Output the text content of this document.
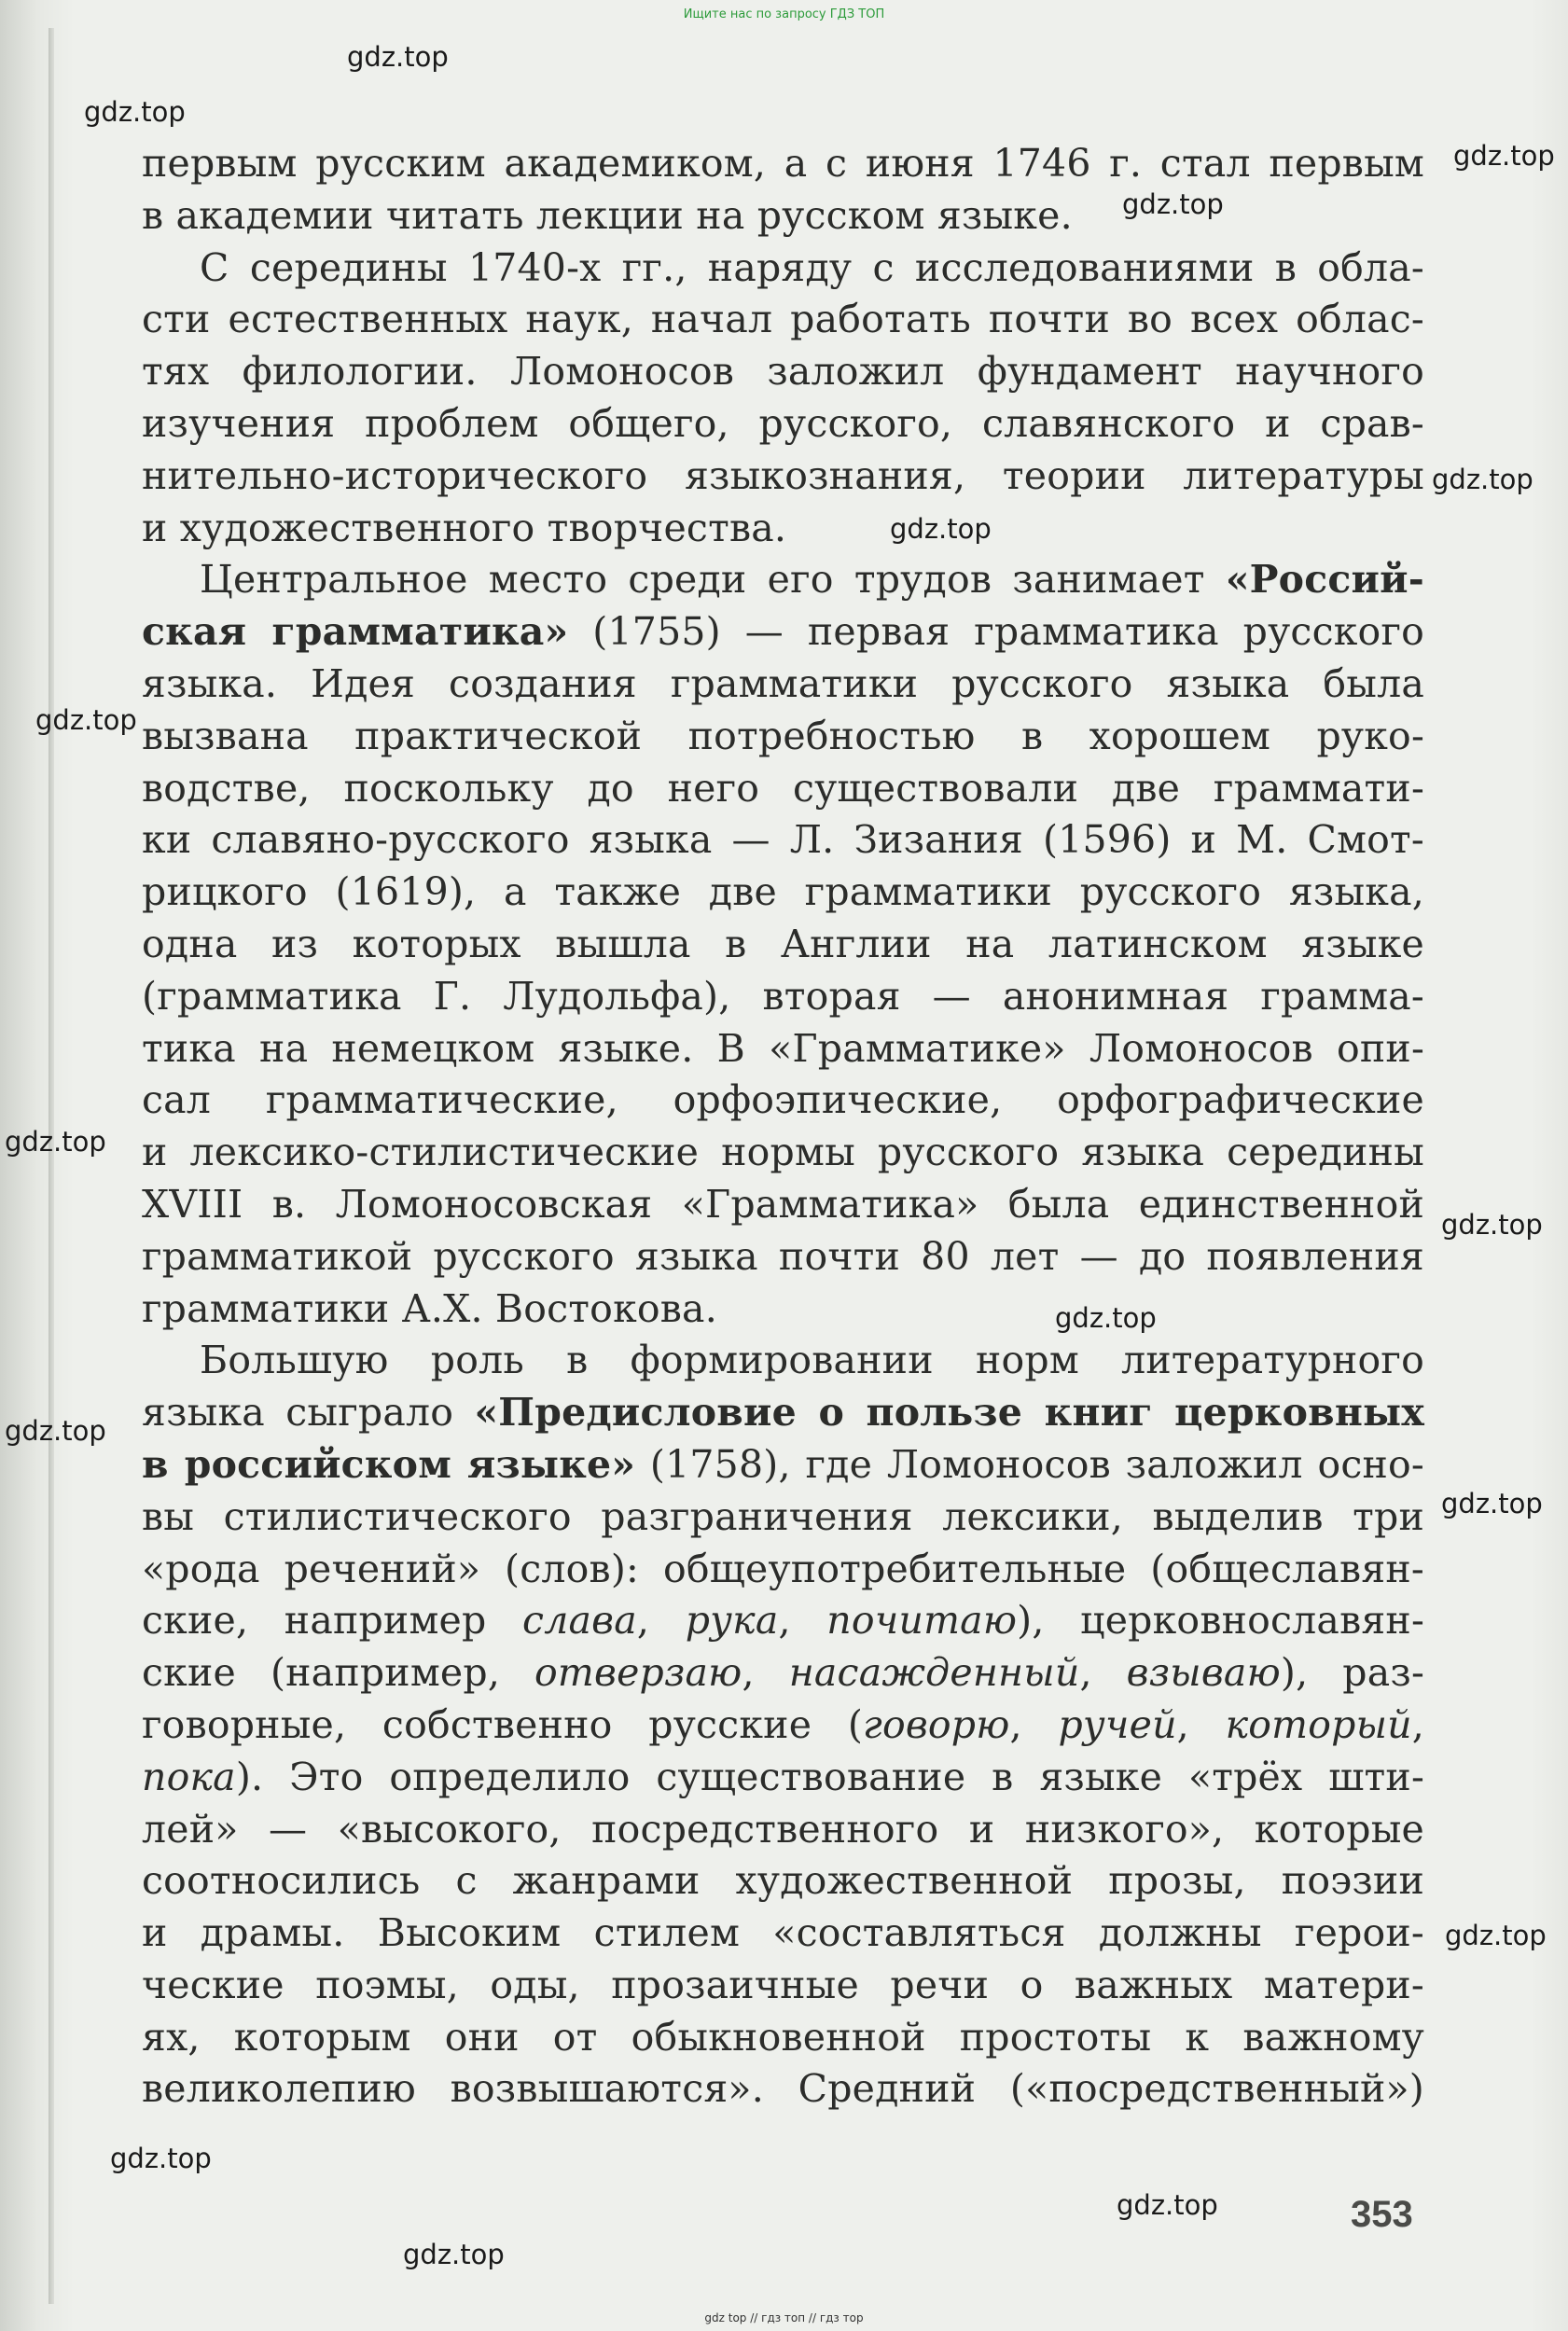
Ищите нас по запросу ГДЗ ТОП
первым русским академиком, а с июня 1746 г. стал первым
в академии читать лекции на русском языке.
С середины 1740-х гг., наряду с исследованиями в обла-
сти естественных наук, начал работать почти во всех облас-
тях филологии. Ломоносов заложил фундамент научного
изучения проблем общего, русского, славянского и срав-
нительно-исторического языкознания, теории литературы
и художественного творчества.
Центральное место среди его трудов занимает «Россий-
ская грамматика» (1755) — первая грамматика русского
языка. Идея создания грамматики русского языка была
вызвана практической потребностью в хорошем руко-
водстве, поскольку до него существовали две граммати-
ки славяно-русского языка — Л. Зизания (1596) и М. Смот-
рицкого (1619), а также две грамматики русского языка,
одна из которых вышла в Англии на латинском языке
(грамматика Г. Лудольфа), вторая — анонимная грамма-
тика на немецком языке. В «Грамматике» Ломоносов опи-
сал грамматические, орфоэпические, орфографические
и лексико-стилистические нормы русского языка середины
XVIII в. Ломоносовская «Грамматика» была единственной
грамматикой русского языка почти 80 лет — до появления
грамматики А.Х. Востокова.
Большую роль в формировании норм литературного
языка сыграло «Предисловие о пользе книг церковных
в российском языке» (1758), где Ломоносов заложил осно-
вы стилистического разграничения лексики, выделив три
«рода речений» (слов): общеупотребительные (общеславян-
ские, например слава, рука, почитаю), церковнославян-
ские (например, отверзаю, насажденный, взываю), раз-
говорные, собственно русские (говорю, ручей, который,
пока). Это определило существование в языке «трёх шти-
лей» — «высокого, посредственного и низкого», которые
соотносились с жанрами художественной прозы, поэзии
и драмы. Высоким стилем «составляться должны герои-
ческие поэмы, оды, прозаичные речи о важных матери-
ях, которым они от обыкновенной простоты к важному
великолепию возвышаются». Средний («посредственный»)
gdz.top
gdz.top
gdz.top
gdz.top
gdz.top
gdz.top
gdz.top
gdz.top
gdz.top
gdz.top
gdz.top
gdz.top
gdz.top
gdz.top
gdz.top
gdz.top
353
gdz top // гдз топ // гдз тор
